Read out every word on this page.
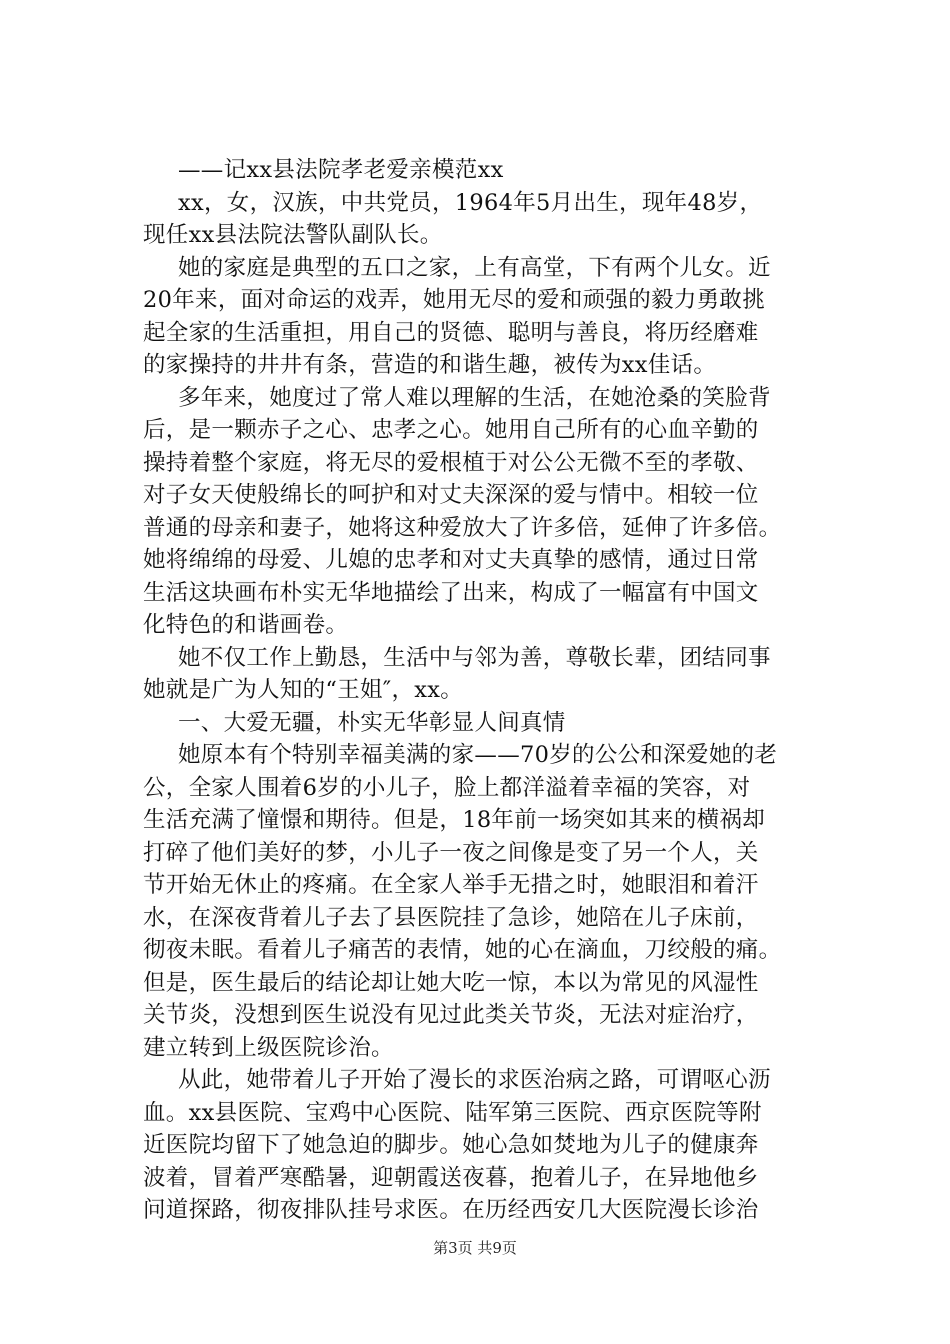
——记xx县法院孝老爱亲模范xx
xx，女，汉族，中共党员，1964年5月出生，现年48岁，
现任xx县法院法警队副队长。
她的家庭是典型的五口之家，上有高堂，下有两个儿女。近
20年来，面对命运的戏弄，她用无尽的爱和顽强的毅力勇敢挑
起全家的生活重担，用自己的贤德、聪明与善良，将历经磨难
的家操持的井井有条，营造的和谐生趣，被传为xx佳话。
多年来，她度过了常人难以理解的生活，在她沧桑的笑脸背
后，是一颗赤子之心、忠孝之心。她用自己所有的心血辛勤的
操持着整个家庭，将无尽的爱根植于对公公无微不至的孝敬、
对子女天使般绵长的呵护和对丈夫深深的爱与情中。相较一位
普通的母亲和妻子，她将这种爱放大了许多倍，延伸了许多倍。
她将绵绵的母爱、儿媳的忠孝和对丈夫真挚的感情，通过日常
生活这块画布朴实无华地描绘了出来，构成了一幅富有中国文
化特色的和谐画卷。
她不仅工作上勤恳，生活中与邻为善，尊敬长辈，团结同事
她就是广为人知的“王姐″，xx。
一、大爱无疆，朴实无华彰显人间真情
她原本有个特别幸福美满的家——70岁的公公和深爱她的老
公，全家人围着6岁的小儿子，脸上都洋溢着幸福的笑容，对
生活充满了憧憬和期待。但是，18年前一场突如其来的横祸却
打碎了他们美好的梦，小儿子一夜之间像是变了另一个人，关
节开始无休止的疼痛。在全家人举手无措之时，她眼泪和着汗
水，在深夜背着儿子去了县医院挂了急诊，她陪在儿子床前，
彻夜未眠。看着儿子痛苦的表情，她的心在滴血，刀绞般的痛。
但是，医生最后的结论却让她大吃一惊，本以为常见的风湿性
关节炎，没想到医生说没有见过此类关节炎，无法对症治疗，
建立转到上级医院诊治。
从此，她带着儿子开始了漫长的求医治病之路，可谓呕心沥
血。xx县医院、宝鸡中心医院、陆军第三医院、西京医院等附
近医院均留下了她急迫的脚步。她心急如焚地为儿子的健康奔
波着，冒着严寒酷暑，迎朝霞送夜暮，抱着儿子，在异地他乡
问道探路，彻夜排队挂号求医。在历经西安几大医院漫长诊治
第3页 共9页
